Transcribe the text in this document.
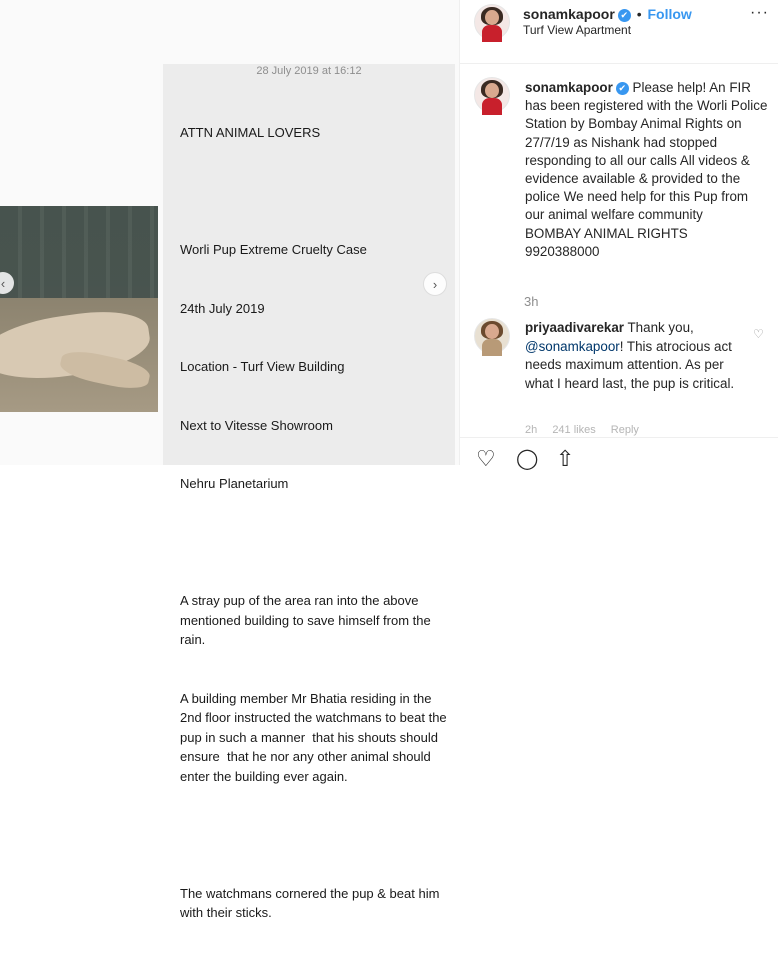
‹
28 July 2019 at 16:12

ATTN ANIMAL LOVERS

Worli Pup Extreme Cruelty Case

24th July 2019

Location - Turf View Building

Next to Vitesse Showroom

Nehru Planetarium

A stray pup of the area ran into the above mentioned building to save himself from the rain.

A building member Mr Bhatia residing in the 2nd floor instructed the watchmans to beat the pup in such a manner  that his shouts should ensure  that he nor any other animal should enter the building ever again.

The watchmans cornered the pup & beat him with their sticks.

›
sonamkapoor ✔ • Follow
Turf View Apartment
···
sonamkapoor ✔ Please help! An FIR has been registered with the Worli Police Station by Bombay Animal Rights on 27/7/19 as Nishank had stopped responding to all our calls All videos & evidence available & provided to the police We need help for this Pup from our animal welfare community
BOMBAY ANIMAL RIGHTS
9920388000
3h
priyaadivarekar Thank you, @sonamkapoor! This atrocious act needs maximum attention. As per what I heard last, the pup is critical.
♡
2h 241 likes Reply
♡ ◯ ⇧
